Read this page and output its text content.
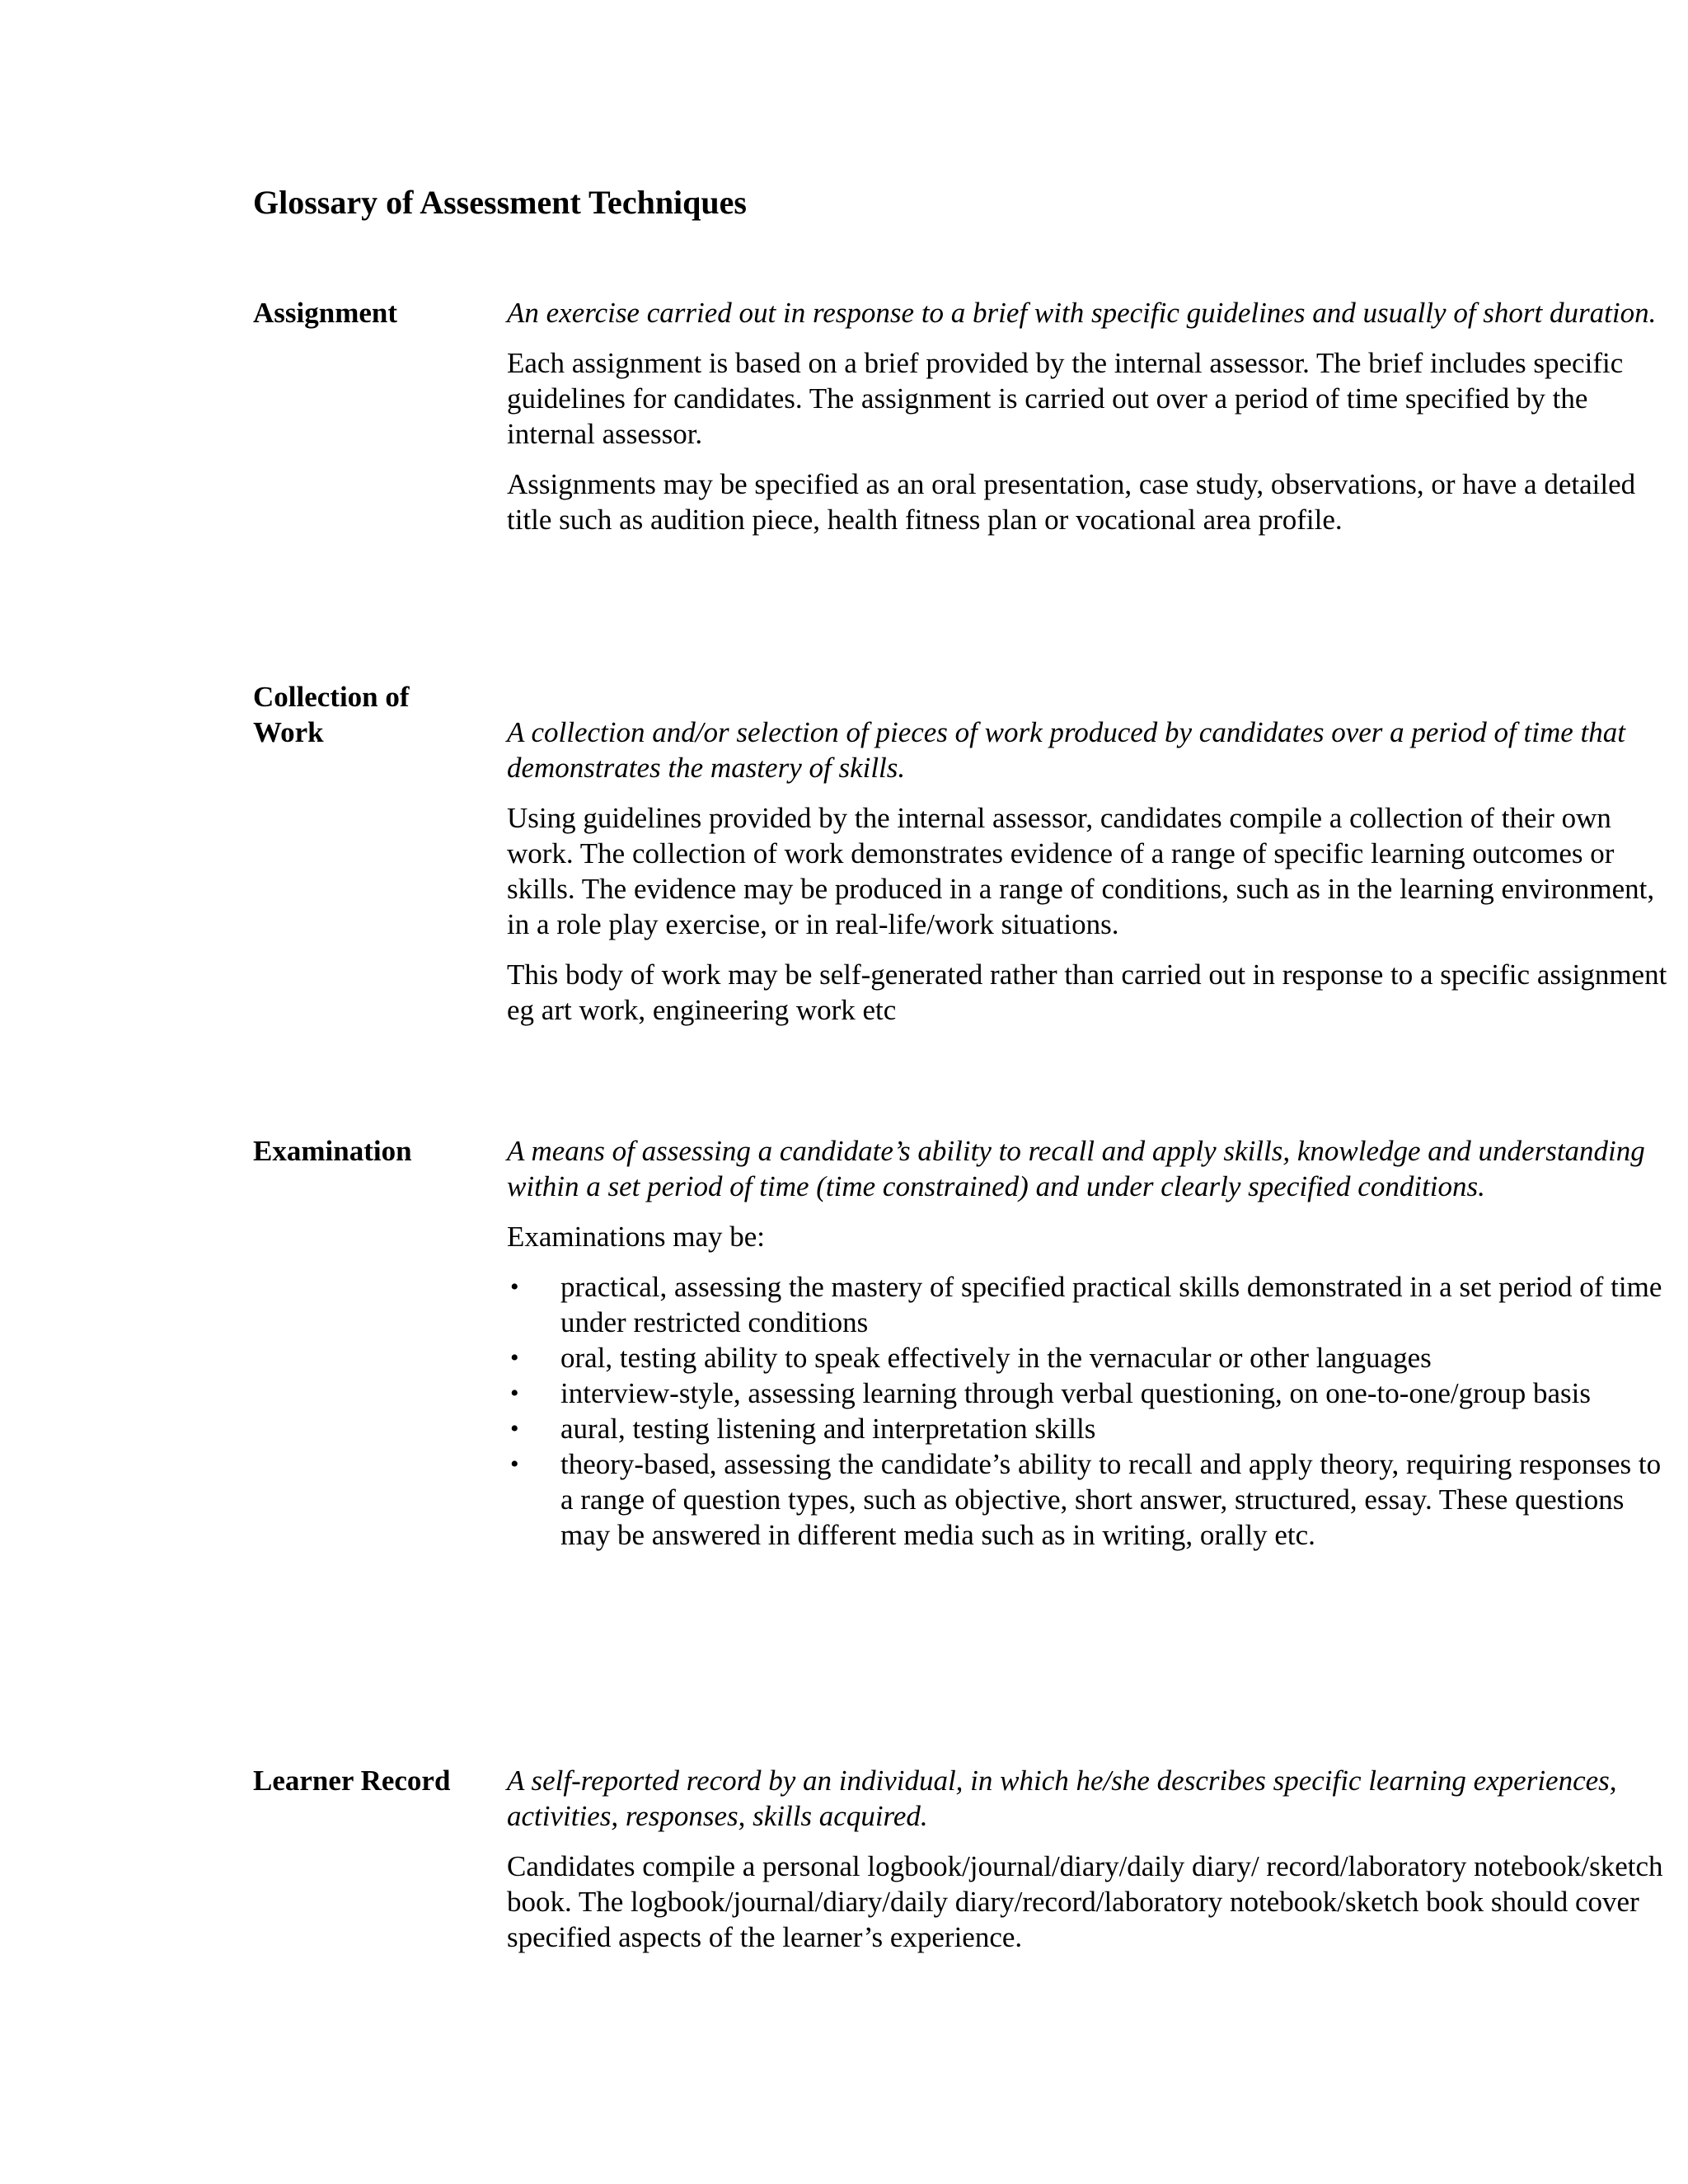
Glossary of Assessment Techniques

Assignment	An exercise carried out in response to a brief with specific guidelines and usually of short duration.

Each assignment is based on a brief provided by the internal assessor. The brief includes specific guidelines for candidates. The assignment is carried out over a period of time specified by the internal assessor.

Assignments may be specified as an oral presentation, case study, observations, or have a detailed title such as audition piece, health fitness plan or vocational area profile.

Collection of Work	A collection and/or selection of pieces of work produced by candidates over a period of time that demonstrates the mastery of skills.

Using guidelines provided by the internal assessor, candidates compile a collection of their own work. The collection of work demonstrates evidence of a range of specific learning outcomes or skills. The evidence may be produced in a range of conditions, such as in the learning environment, in a role play exercise, or in real-life/work situations.

This body of work may be self-generated rather than carried out in response to a specific assignment eg art work, engineering work etc

Examination	A means of assessing a candidate’s ability to recall and apply skills, knowledge and understanding within a set period of time (time constrained) and under clearly specified conditions.

Examinations may be:

• practical, assessing the mastery of specified practical skills demonstrated in a set period of time under restricted conditions
• oral, testing ability to speak effectively in the vernacular or other languages
• interview-style, assessing learning through verbal questioning, on one-to-one/group basis
• aural, testing listening and interpretation skills
• theory-based, assessing the candidate’s ability to recall and apply theory, requiring responses to a range of question types, such as objective, short answer, structured, essay. These questions may be answered in different media such as in writing, orally etc.

Learner Record	A self-reported record by an individual, in which he/she describes specific learning experiences, activities, responses, skills acquired.

Candidates compile a personal logbook/journal/diary/daily diary/ record/laboratory notebook/sketch book. The logbook/journal/diary/daily diary/record/laboratory notebook/sketch book should cover specified aspects of the learner’s experience.
